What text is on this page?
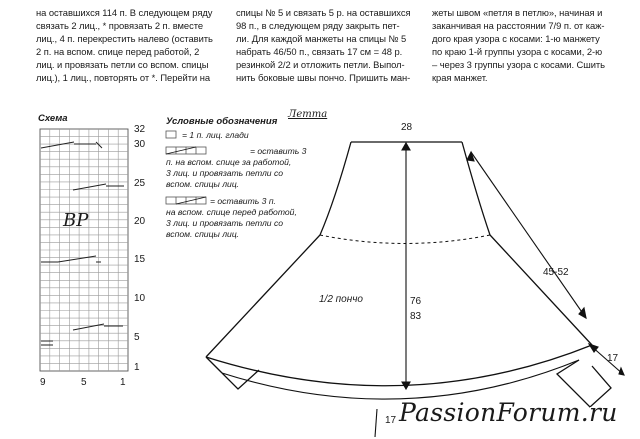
на оставшихся 114 п. В следующем ряду
связать 2 лиц., * провязать 2 п. вместе
лиц., 4 п. перекрестить налево (оставить
2 п. на вспом. спице перед работой, 2
лиц. и провязать петли со вспом. спицы
лиц.), 1 лиц., повторять от *. Перейти на
спицы № 5 и связать 5 р. на оставшихся
98 п., в следующем ряду закрыть пет-
ли. Для каждой манжеты на спицы № 5
набрать 46/50 п., связать 17 см = 48 р.
резинкой 2/2 и отложить петли. Выпол-
нить боковые швы пончо. Пришить ман-
жеты швом «петля в петлю», начиная и
заканчивая на расстоянии 7/9 п. от каж-
дого края узора с косами: 1-ю манжету
по краю 1-й группы узора с косами, 2-ю
– через 3 группы узора с косами. Сшить
края манжет.
Схема
ВР
32
30
25
20
15
10
5
1
9	5	1
Условные обозначения
= 1 п. лиц. глади
= оставить 3
п. на вспом. спице за работой,
3 лиц. и провязать петли со
вспом. спицы лиц.
= оставить 3 п.
на вспом. спице перед работой,
3 лиц. и провязать петли со
вспом. спицы лиц.
Летта
1/2 пончо
28
76
83
45-52
17
17 PassionForum.ru
